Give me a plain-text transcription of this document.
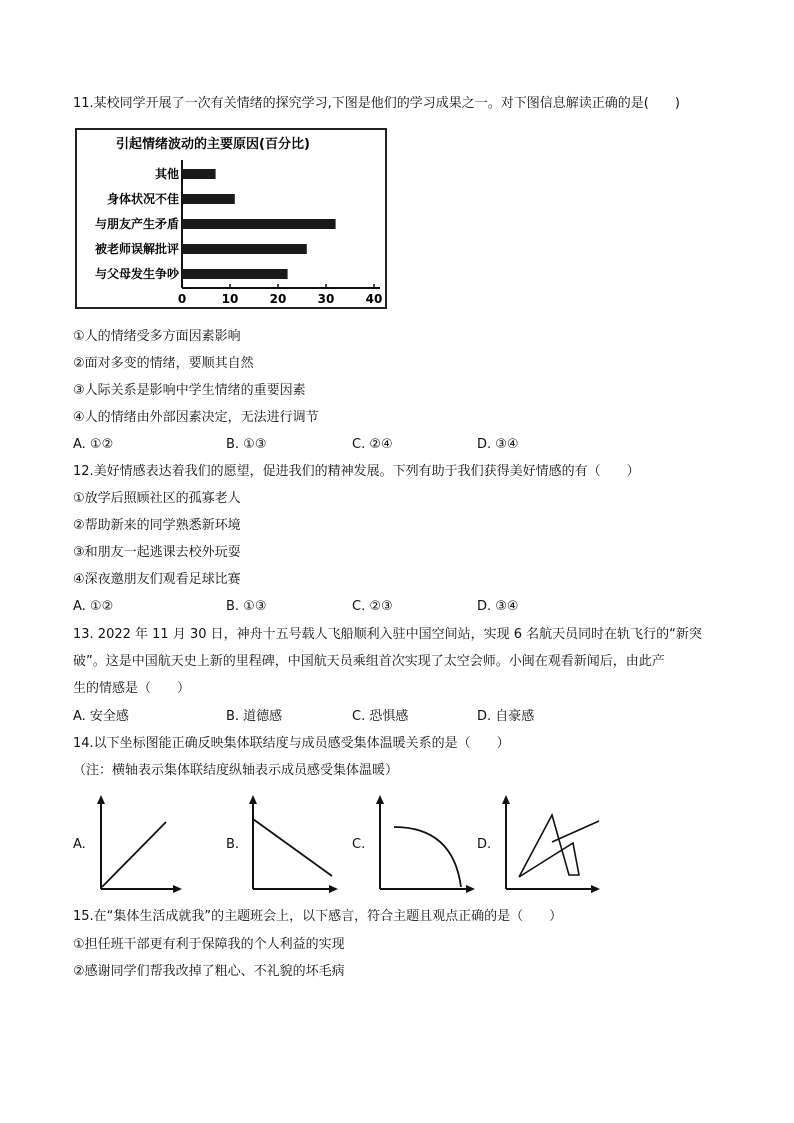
11.某校同学开展了一次有关情绪的探究学习,下图是他们的学习成果之一。对下图信息解读正确的是(　　)
引起情绪波动的主要原因(百分比)
0	10	20	30	40
其他
身体状况不佳
与朋友产生矛盾
被老师误解批评
与父母发生争吵
①人的情绪受多方面因素影响
②面对多变的情绪，要顺其自然
③人际关系是影响中学生情绪的重要因素
④人的情绪由外部因素决定，无法进行调节
A. ①②	B. ①③	C. ②④	D. ③④
12.美好情感表达着我们的愿望，促进我们的精神发展。下列有助于我们获得美好情感的有（　　）
①放学后照顾社区的孤寡老人
②帮助新来的同学熟悉新环境
③和朋友一起逃课去校外玩耍
④深夜邀朋友们观看足球比赛
A. ①②	B. ①③	C. ②③	D. ③④
13. 2022 年 11 月 30 日，神舟十五号载人飞船顺利入驻中国空间站，实现 6 名航天员同时在轨飞行的“新突
破”。这是中国航天史上新的里程碑，中国航天员乘组首次实现了太空会师。小闽在观看新闻后，由此产
生的情感是（　　）
A. 安全感	B. 道德感	C. 恐惧感	D. 自豪感
14.以下坐标图能正确反映集体联结度与成员感受集体温暖关系的是（　　）
（注：横轴表示集体联结度纵轴表示成员感受集体温暖）
A.	B.	C.	D.
15.在“集体生活成就我”的主题班会上，以下感言，符合主题且观点正确的是（　　）
①担任班干部更有利于保障我的个人利益的实现
②感谢同学们帮我改掉了粗心、不礼貌的坏毛病
